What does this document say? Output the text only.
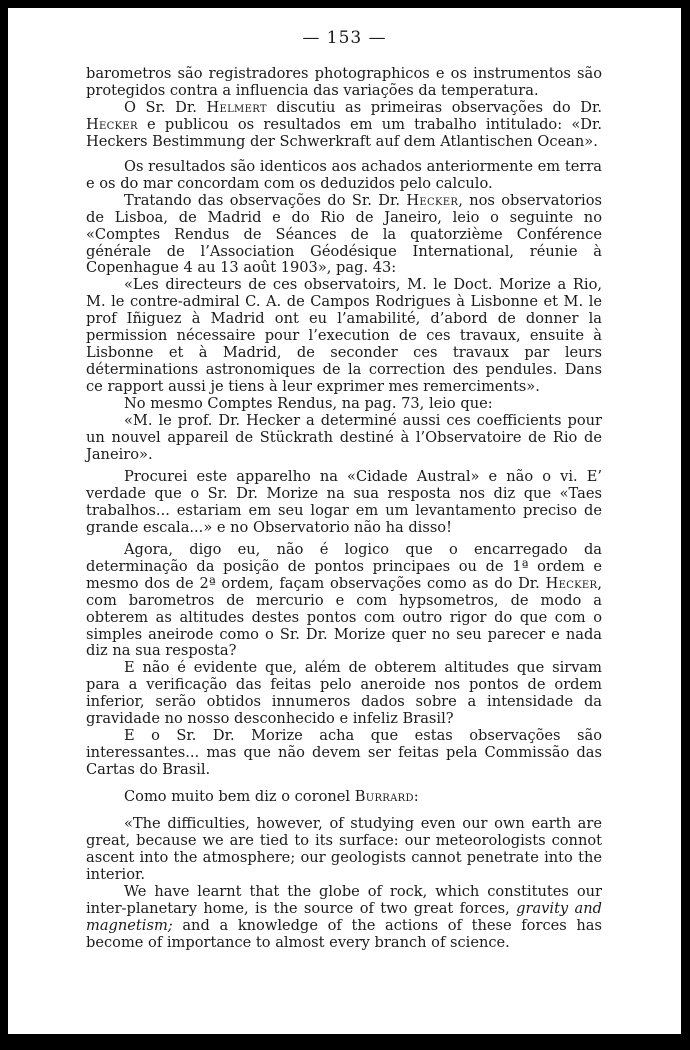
— 153 —

barometros são registradores photographicos e os instrumentos são protegidos contra a influencia das variações da temperatura.

O Sr. Dr. Helmert discutiu as primeiras observações do Dr. Hecker e publicou os resultados em um trabalho intitulado: «Dr. Heckers Bestimmung der Schwerkraft auf dem Atlantischen Ocean».

Os resultados são identicos aos achados anteriormente em terra e os do mar concordam com os deduzidos pelo calculo.

Tratando das observações do Sr. Dr. Hecker, nos observatorios de Lisboa, de Madrid e do Rio de Janeiro, leio o seguinte no «Comptes Rendus de Séances de la quatorzième Conférence générale de l’Association Géodésique International, réunie à Copenhague 4 au 13 août 1903», pag. 43:

«Les directeurs de ces observatoirs, M. le Doct. Morize a Rio, M. le contre-admiral C. A. de Campos Rodrigues à Lisbonne et M. le prof Iñiguez à Madrid ont eu l’amabilité, d’abord de donner la permission nécessaire pour l’execution de ces travaux, ensuite à Lisbonne et à Madrid, de seconder ces travaux par leurs déterminations astronomiques de la correction des pendules. Dans ce rapport aussi je tiens à leur exprimer mes remerciments».

No mesmo Comptes Rendus, na pag. 73, leio que:

«M. le prof. Dr. Hecker a determiné aussi ces coefficients pour un nouvel appareil de Stückrath destiné à l’Observatoire de Rio de Janeiro».

Procurei este apparelho na «Cidade Austral» e não o vi. E’ verdade que o Sr. Dr. Morize na sua resposta nos diz que «Taes trabalhos... estariam em seu logar em um levantamento preciso de grande escala...» e no Observatorio não ha disso!

Agora, digo eu, não é logico que o encarregado da determinação da posição de pontos principaes ou de 1ª ordem e mesmo dos de 2ª ordem, façam observações como as do Dr. Hecker, com barometros de mercurio e com hypsometros, de modo a obterem as altitudes destes pontos com outro rigor do que com o simples aneirode como o Sr. Dr. Morize quer no seu parecer e nada diz na sua resposta?

E não é evidente que, além de obterem altitudes que sirvam para a verificação das feitas pelo aneroide nos pontos de ordem inferior, serão obtidos innumeros dados sobre a intensidade da gravidade no nosso desconhecido e infeliz Brasil?

E o Sr. Dr. Morize acha que estas observações são interessantes... mas que não devem ser feitas pela Commissão das Cartas do Brasil.

Como muito bem diz o coronel Burrard:

«The difficulties, however, of studying even our own earth are great, because we are tied to its surface: our meteorologists connot ascent into the atmosphere; our geologists cannot penetrate into the interior.

We have learnt that the globe of rock, which constitutes our inter-planetary home, is the source of two great forces, gravity and magnetism; and a knowledge of the actions of these forces has become of importance to almost every branch of science.
